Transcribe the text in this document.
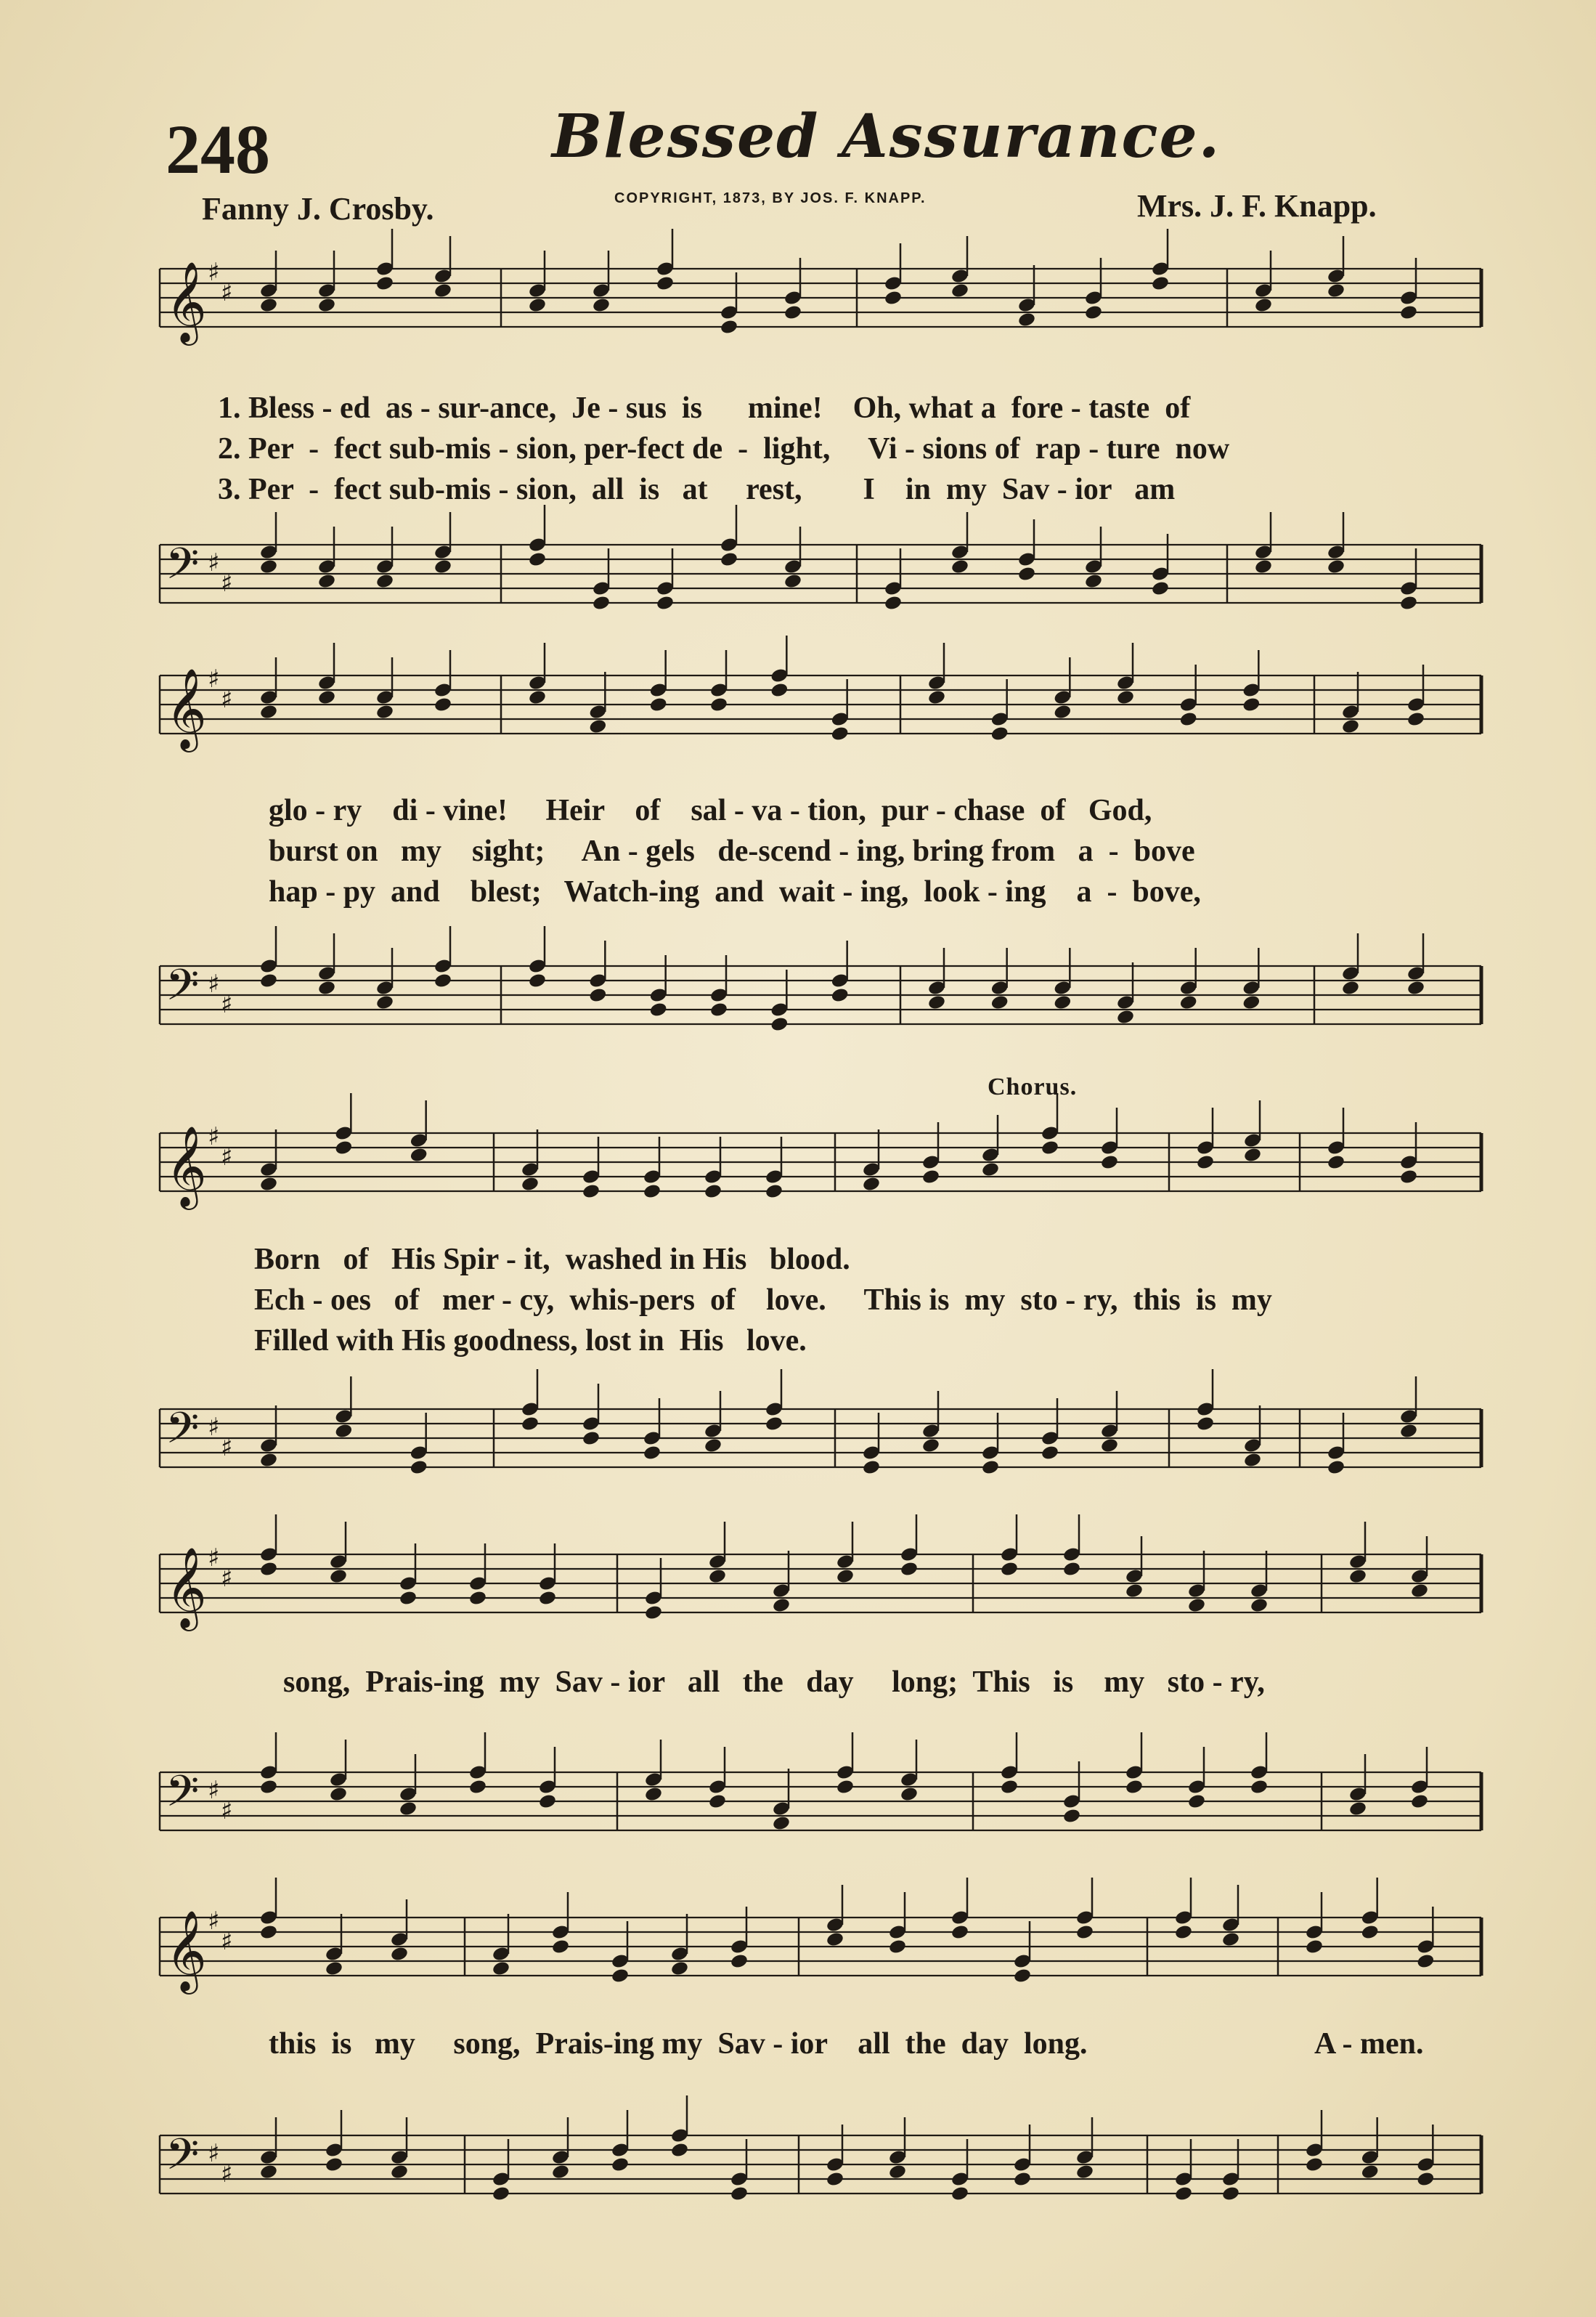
248	Blessed Assurance.
Fanny J. Crosby.	COPYRIGHT, 1873, BY JOS. F. KNAPP.	Mrs. J. F. Knapp.
𝄞 ♯
♯
1. Bless - ed  as - sur-ance,  Je - sus  is      mine!    Oh, what a  fore - taste  of
2. Per  -  fect sub-mis - sion, per-fect de  -  light,     Vi - sions of  rap - ture  now
3. Per  -  fect sub-mis - sion,  all  is   at     rest,        I    in  my  Sav - ior   am
𝄢 ♯
♯
𝄞 ♯
♯
glo - ry    di - vine!     Heir    of    sal - va - tion,  pur - chase  of   God,
burst on   my    sight;     An - gels   de-scend - ing, bring from   a  -  bove
hap - py  and    blest;   Watch-ing  and  wait - ing,  look - ing    a  -  bove,
𝄢 ♯
♯
Chorus.
𝄞 ♯
♯
Born   of   His Spir - it,  washed in His   blood.
Ech - oes   of   mer - cy,  whis-pers  of    love.     This is  my  sto - ry,  this  is  my
Filled with His goodness, lost in  His   love.
𝄢 ♯
♯
𝄞 ♯
♯
song,  Prais-ing  my  Sav - ior   all   the   day     long;  This   is    my   sto - ry,
𝄢 ♯
♯
𝄞 ♯
♯
this  is   my     song,  Prais-ing my  Sav - ior    all  the  day  long.	A - men.
𝄢 ♯
♯
